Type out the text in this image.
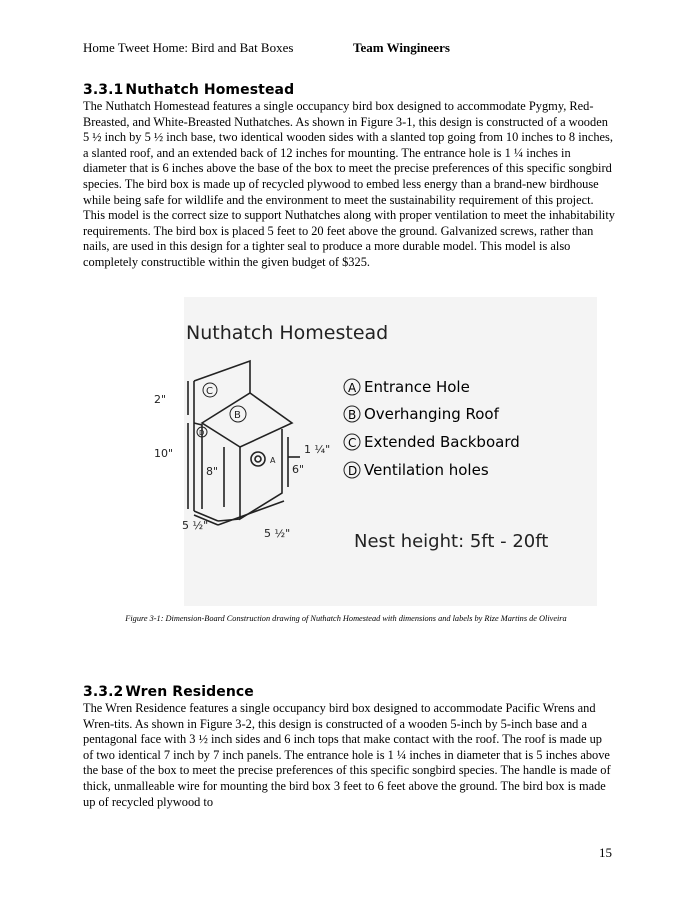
Home Tweet Home: Bird and Bat Boxes	Team Wingineers
3.3.1 Nuthatch Homestead

The Nuthatch Homestead features a single occupancy bird box designed to accommodate Pygmy, Red-Breasted, and White-Breasted Nuthatches. As shown in Figure 3-1, this design is constructed of a wooden 5 ½ inch by 5 ½ inch base, two identical wooden sides with a slanted top going from 10 inches to 8 inches, a slanted roof, and an extended back of 12 inches for mounting. The entrance hole is 1 ¼ inches in diameter that is 6 inches above the base of the box to meet the precise preferences of this specific songbird species. The bird box is made up of recycled plywood to embed less energy than a brand-new birdhouse while being safe for wildlife and the environment to meet the sustainability requirement of this project. This model is the correct size to support Nuthatches along with proper ventilation to meet the inhabitability requirements. The bird box is placed 5 feet to 20 feet above the ground. Galvanized screws, rather than nails, are used in this design for a tighter seal to produce a more durable model. This model is also completely constructible within the given budget of $325.

Nuthatch Homestead
2"
10"
8"
1 ¼"
6"
5 ½"
5 ½"
C
B
D
A
A Entrance Hole
B Overhanging Roof
C Extended Backboard
D Ventilation holes
Nest height: 5ft - 20ft
Figure 3-1: Dimension-Board Construction drawing of Nuthatch Homestead with dimensions and labels by Rize Martins de Oliveira
3.3.2 Wren Residence

The Wren Residence features a single occupancy bird box designed to accommodate Pacific Wrens and Wren-tits. As shown in Figure 3-2, this design is constructed of a wooden 5-inch by 5-inch base and a pentagonal face with 3 ½ inch sides and 6 inch tops that make contact with the roof. The roof is made up of two identical 7 inch by 7 inch panels. The entrance hole is 1 ¼ inches in diameter that is 5 inches above the base of the box to meet the precise preferences of this specific songbird species. The handle is made of thick, unmalleable wire for mounting the bird box 3 feet to 6 feet above the ground. The bird box is made up of recycled plywood to

15
